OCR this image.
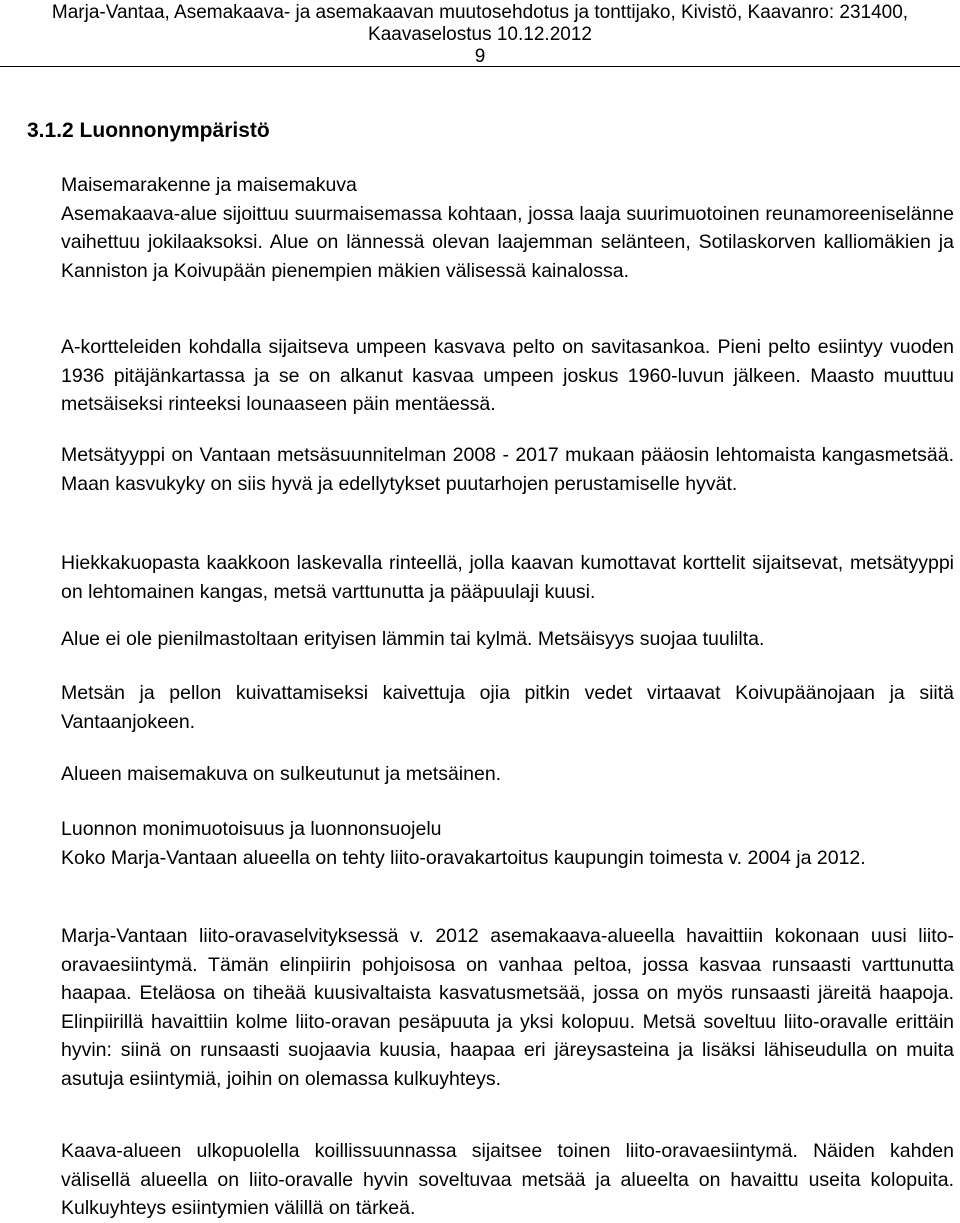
Marja-Vantaa, Asemakaava- ja asemakaavan muutosehdotus ja tonttijako, Kivistö, Kaavanro: 231400,
Kaavaselostus 10.12.2012
9
3.1.2 Luonnonympäristö
Maisemarakenne ja maisemakuva

Asemakaava-alue sijoittuu suurmaisemassa kohtaan, jossa laaja suurimuotoinen reunamoreeniselänne vaihettuu jokilaaksoksi. Alue on lännessä olevan laajemman selänteen, Sotilaskorven kalliomäkien ja Kanniston ja Koivupään pienempien mäkien välisessä kainalossa.

A-kortteleiden kohdalla sijaitseva umpeen kasvava pelto on savitasankoa. Pieni pelto esiintyy vuoden 1936 pitäjänkartassa ja se on alkanut kasvaa umpeen joskus 1960-luvun jälkeen. Maasto muuttuu metsäiseksi rinteeksi lounaaseen päin mentäessä.

Metsätyyppi on Vantaan metsäsuunnitelman 2008 - 2017 mukaan pääosin lehtomaista kangasmetsää. Maan kasvukyky on siis hyvä ja edellytykset puutarhojen perustamiselle hyvät.

Hiekkakuopasta kaakkoon laskevalla rinteellä, jolla kaavan kumottavat korttelit sijaitsevat, metsätyyppi on lehtomainen kangas, metsä varttunutta ja pääpuulaji kuusi.

Alue ei ole pienilmastoltaan erityisen lämmin tai kylmä. Metsäisyys suojaa tuulilta.

Metsän ja pellon kuivattamiseksi kaivettuja ojia pitkin vedet virtaavat Koivupäänojaan ja siitä Vantaanjokeen.

Alueen maisemakuva on sulkeutunut ja metsäinen.

Luonnon monimuotoisuus ja luonnonsuojelu

Koko Marja-Vantaan alueella on tehty liito-oravakartoitus kaupungin toimesta v. 2004 ja 2012.

Marja-Vantaan liito-oravaselvityksessä v. 2012 asemakaava-alueella havaittiin kokonaan uusi liito-oravaesiintymä. Tämän elinpiirin pohjoisosa on vanhaa peltoa, jossa kasvaa runsaasti varttunutta haapaa. Eteläosa on tiheää kuusivaltaista kasvatusmetsää, jossa on myös runsaasti järeitä haapoja. Elinpiirillä havaittiin kolme liito-oravan pesäpuuta ja yksi kolopuu. Metsä soveltuu liito-oravalle erittäin hyvin: siinä on runsaasti suojaavia kuusia, haapaa eri järeysasteina ja lisäksi lähiseudulla on muita asutuja esiintymiä, joihin on olemassa kulkuyhteys.

Kaava-alueen ulkopuolella koillissuunnassa sijaitsee toinen liito-oravaesiintymä. Näiden kahden välisellä alueella on liito-oravalle hyvin soveltuvaa metsää ja alueelta on havaittu useita kolopuita. Kulkuyhteys esiintymien välillä on tärkeä.
